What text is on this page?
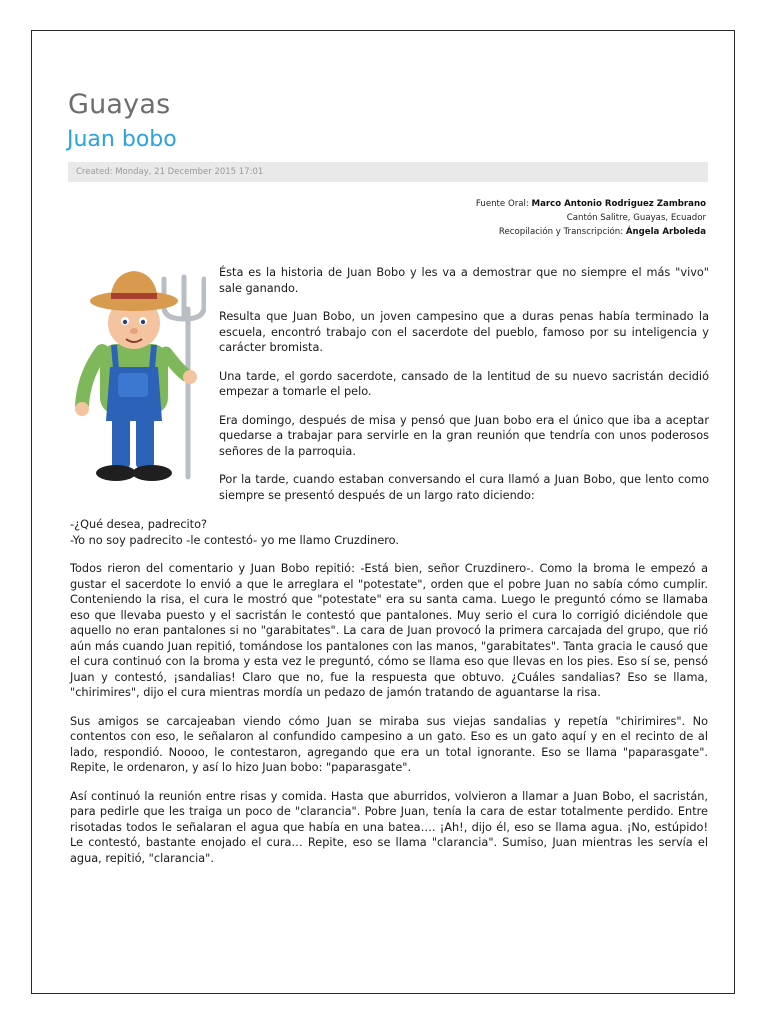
Guayas
Juan bobo
Created: Monday, 21 December 2015 17:01
Fuente Oral: Marco Antonio Rodriguez Zambrano
Cantón Salitre, Guayas, Ecuador
Recopilación y Transcripción: Ángela Arboleda

Ésta es la historia de Juan Bobo y les va a demostrar que no siempre el más "vivo" sale ganando.

Resulta que Juan Bobo, un joven campesino que a duras penas había terminado la escuela, encontró trabajo con el sacerdote del pueblo, famoso por su inteligencia y carácter bromista.

Una tarde, el gordo sacerdote, cansado de la lentitud de su nuevo sacristán decidió empezar a tomarle el pelo.

Era domingo, después de misa y pensó que Juan bobo era el único que iba a aceptar quedarse a trabajar para servirle en la gran reunión que tendría con unos poderosos señores de la parroquia.

Por la tarde, cuando estaban conversando el cura llamó a Juan Bobo, que lento como siempre se presentó después de un largo rato diciendo:

-¿Qué desea, padrecito?

-Yo no soy padrecito -le contestó- yo me llamo Cruzdinero.

Todos rieron del comentario y Juan Bobo repitió: -Está bien, señor Cruzdinero-. Como la broma le empezó a gustar el sacerdote lo envió a que le arreglara el "potestate", orden que el pobre Juan no sabía cómo cumplir. Conteniendo la risa, el cura le mostró que "potestate" era su santa cama. Luego le preguntó cómo se llamaba eso que llevaba puesto y el sacristán le contestó que pantalones. Muy serio el cura lo corrigió diciéndole que aquello no eran pantalones si no "garabitates". La cara de Juan provocó la primera carcajada del grupo, que rió aún más cuando Juan repitió, tomándose los pantalones con las manos, "garabitates". Tanta gracia le causó que el cura continuó con la broma y esta vez le preguntó, cómo se llama eso que llevas en los pies. Eso sí se, pensó Juan y contestó, ¡sandalias! Claro que no, fue la respuesta que obtuvo. ¿Cuáles sandalias? Eso se llama, "chirimires", dijo el cura mientras mordía un pedazo de jamón tratando de aguantarse la risa.

Sus amigos se carcajeaban viendo cómo Juan se miraba sus viejas sandalias y repetía "chirimires". No contentos con eso, le señalaron al confundido campesino a un gato. Eso es un gato aquí y en el recinto de al lado, respondió. Noooo, le contestaron, agregando que era un total ignorante. Eso se llama "paparasgate". Repite, le ordenaron, y así lo hizo Juan bobo: "paparasgate".

Así continuó la reunión entre risas y comida. Hasta que aburridos, volvieron a llamar a Juan Bobo, el sacristán, para pedirle que les traiga un poco de "clarancia". Pobre Juan, tenía la cara de estar totalmente perdido. Entre risotadas todos le señalaran el agua que había en una batea…. ¡Ah!, dijo él, eso se llama agua. ¡No, estúpido! Le contestó, bastante enojado el cura… Repite, eso se llama "clarancia". Sumiso, Juan mientras les servía el agua, repitió, "clarancia".
